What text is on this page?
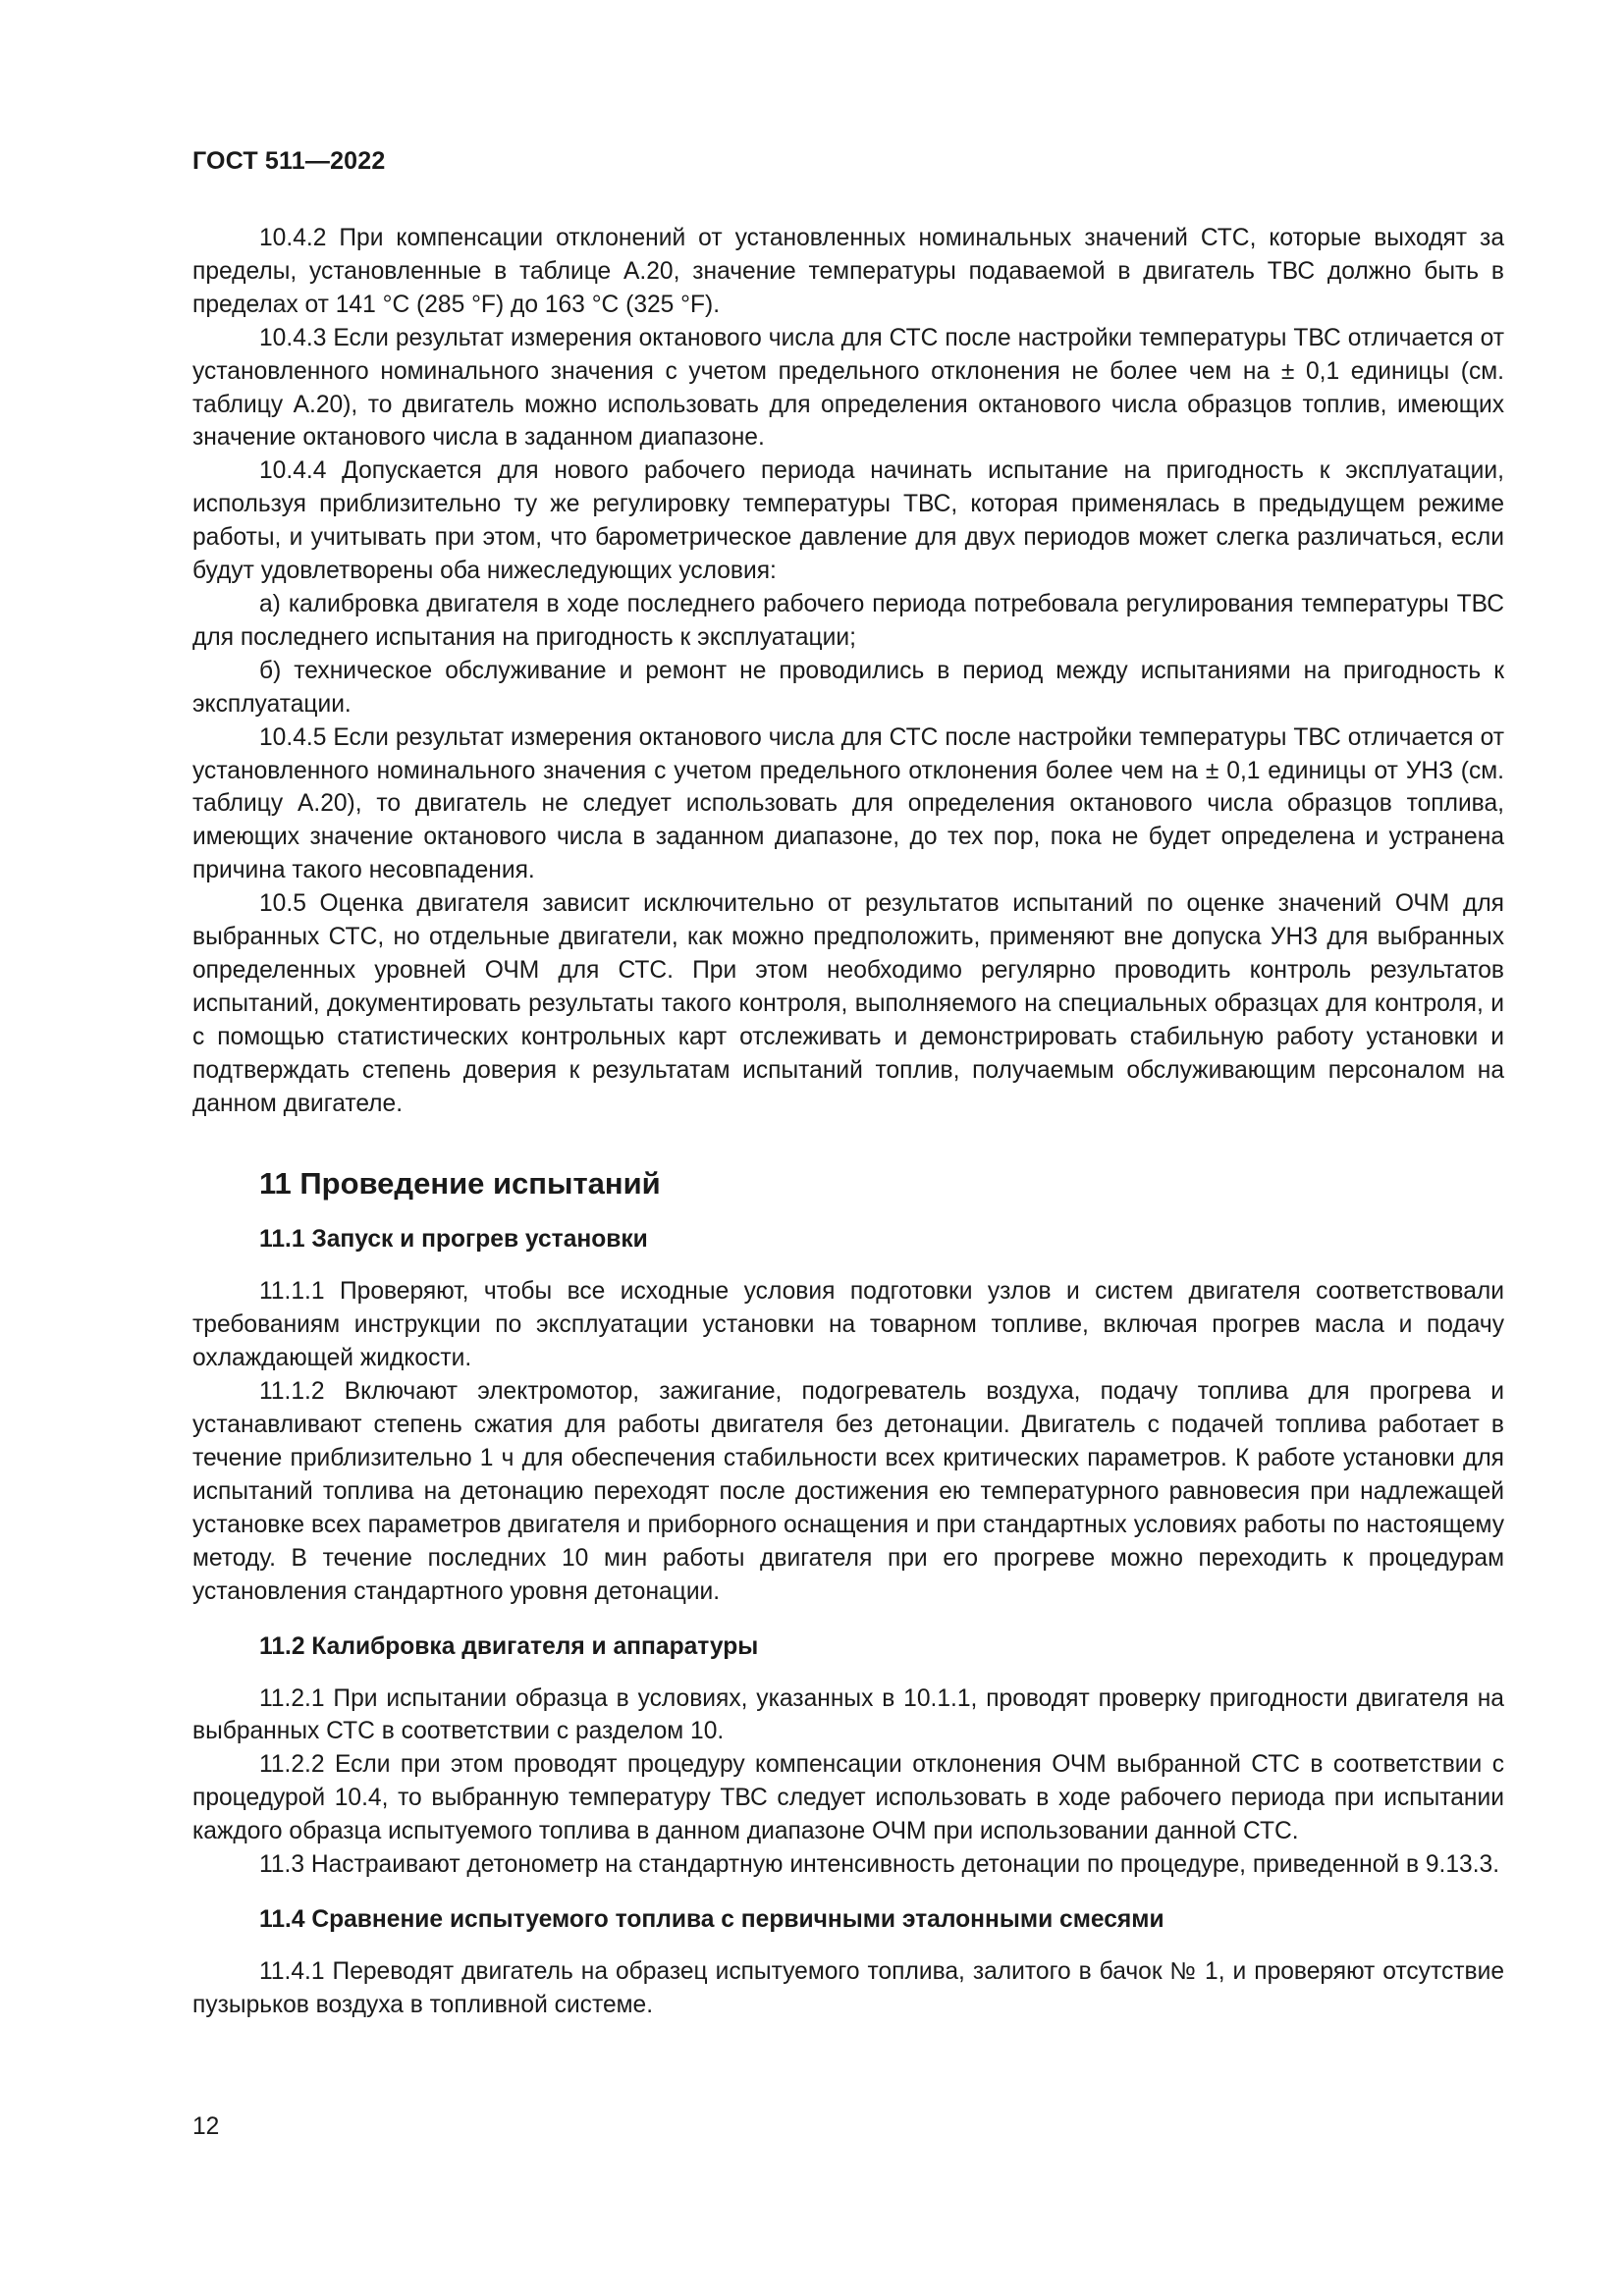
ГОСТ 511—2022

10.4.2 При компенсации отклонений от установленных номинальных значений СТС, которые выходят за пределы, установленные в таблице А.20, значение температуры подаваемой в двигатель ТВС должно быть в пределах от 141 °С (285 °F) до 163 °С (325 °F).

10.4.3 Если результат измерения октанового числа для СТС после настройки температуры ТВС отличается от установленного номинального значения с учетом предельного отклонения не более чем на ± 0,1 единицы (см. таблицу А.20), то двигатель можно использовать для определения октанового числа образцов топлив, имеющих значение октанового числа в заданном диапазоне.

10.4.4 Допускается для нового рабочего периода начинать испытание на пригодность к эксплуатации, используя приблизительно ту же регулировку температуры ТВС, которая применялась в предыдущем режиме работы, и учитывать при этом, что барометрическое давление для двух периодов может слегка различаться, если будут удовлетворены оба нижеследующих условия:

а) калибровка двигателя в ходе последнего рабочего периода потребовала регулирования температуры ТВС для последнего испытания на пригодность к эксплуатации;

б) техническое обслуживание и ремонт не проводились в период между испытаниями на пригодность к эксплуатации.

10.4.5 Если результат измерения октанового числа для СТС после настройки температуры ТВС отличается от установленного номинального значения с учетом предельного отклонения более чем на ± 0,1 единицы от УНЗ (см. таблицу А.20), то двигатель не следует использовать для определения октанового числа образцов топлива, имеющих значение октанового числа в заданном диапазоне, до тех пор, пока не будет определена и устранена причина такого несовпадения.

10.5 Оценка двигателя зависит исключительно от результатов испытаний по оценке значений ОЧМ для выбранных СТС, но отдельные двигатели, как можно предположить, применяют вне допуска УНЗ для выбранных определенных уровней ОЧМ для СТС. При этом необходимо регулярно проводить контроль результатов испытаний, документировать результаты такого контроля, выполняемого на специальных образцах для контроля, и с помощью статистических контрольных карт отслеживать и демонстрировать стабильную работу установки и подтверждать степень доверия к результатам испытаний топлив, получаемым обслуживающим персоналом на данном двигателе.

11 Проведение испытаний
11.1 Запуск и прогрев установки

11.1.1 Проверяют, чтобы все исходные условия подготовки узлов и систем двигателя соответствовали требованиям инструкции по эксплуатации установки на товарном топливе, включая прогрев масла и подачу охлаждающей жидкости.

11.1.2 Включают электромотор, зажигание, подогреватель воздуха, подачу топлива для прогрева и устанавливают степень сжатия для работы двигателя без детонации. Двигатель с подачей топлива работает в течение приблизительно 1 ч для обеспечения стабильности всех критических параметров. К работе установки для испытаний топлива на детонацию переходят после достижения ею температурного равновесия при надлежащей установке всех параметров двигателя и приборного оснащения и при стандартных условиях работы по настоящему методу. В течение последних 10 мин работы двигателя при его прогреве можно переходить к процедурам установления стандартного уровня детонации.

11.2 Калибровка двигателя и аппаратуры

11.2.1 При испытании образца в условиях, указанных в 10.1.1, проводят проверку пригодности двигателя на выбранных СТС в соответствии с разделом 10.

11.2.2 Если при этом проводят процедуру компенсации отклонения ОЧМ выбранной СТС в соответствии с процедурой 10.4, то выбранную температуру ТВС следует использовать в ходе рабочего периода при испытании каждого образца испытуемого топлива в данном диапазоне ОЧМ при использовании данной СТС.

11.3 Настраивают детонометр на стандартную интенсивность детонации по процедуре, приведенной в 9.13.3.

11.4 Сравнение испытуемого топлива с первичными эталонными смесями

11.4.1 Переводят двигатель на образец испытуемого топлива, залитого в бачок № 1, и проверяют отсутствие пузырьков воздуха в топливной системе.

12
